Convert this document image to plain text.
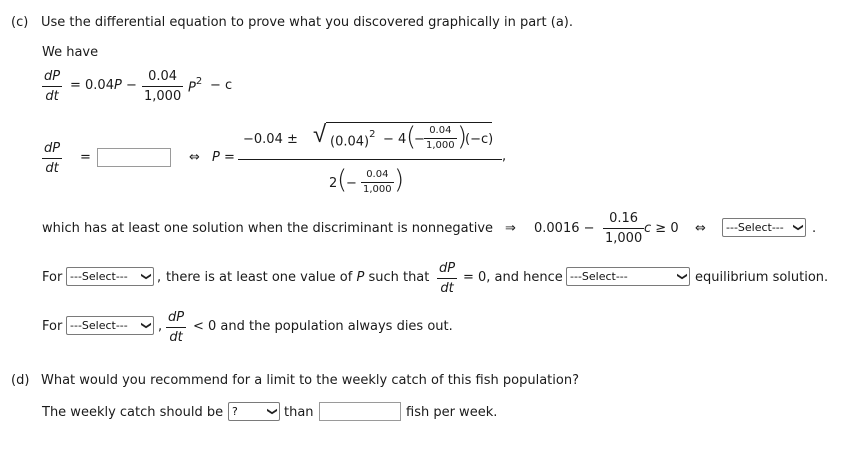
(c) Use the differential equation to prove what you discovered graphically in part (a).
We have
$\frac{dP}{dt} = 0.04P - \frac{0.04}{1,000} P^2 - c$
$\frac{dP}{dt}$ =	⇔ P =
−0.04 ± √ $(0.04)^2 - 4$ (
− $\frac{0.04}{1,000}$ )
(−c)
,
2 (
− $\frac{0.04}{1,000}$ )
which has at least one solution when the discriminant is nonnegative ⇒ $0.0016 - \frac{0.16}{1,000}$ c ≥ 0 ⇔	---Select--- ❯ .
For ---Select---	❯ , there is at least one value of P such that $\frac{dP}{dt} = 0$, and hence ---Select---	❯ equilibrium solution.
For ---Select---	❯ , $\frac{dP}{dt} < 0$ and the population always dies out.
(d) What would you recommend for a limit to the weekly catch of this fish population?
The weekly catch should be ?	❯ than	fish per week.
